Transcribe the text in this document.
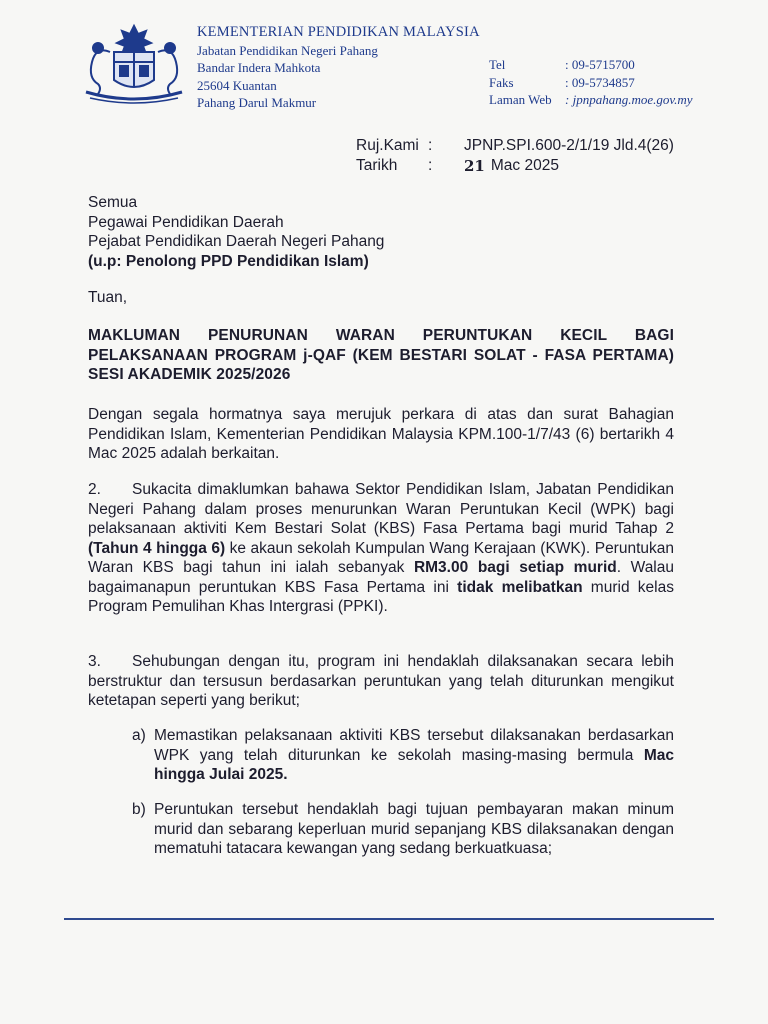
KEMENTERIAN PENDIDIKAN MALAYSIA
Jabatan Pendidikan Negeri Pahang
Bandar Indera Mahkota
25604 Kuantan
Pahang Darul Makmur
Tel	: 09-5715700
Faks	: 09-5734857
Laman Web	: jpnpahang.moe.gov.my
Ruj.Kami :	JPNP.SPI.600-2/1/19 Jld.4(26)
Tarikh	:	21 Mac 2025
Semua
Pegawai Pendidikan Daerah
Pejabat Pendidikan Daerah Negeri Pahang
(u.p: Penolong PPD Pendidikan Islam)
Tuan,
MAKLUMAN PENURUNAN WARAN PERUNTUKAN KECIL BAGI PELAKSANAAN PROGRAM j-QAF (KEM BESTARI SOLAT - FASA PERTAMA) SESI AKADEMIK 2025/2026
Dengan segala hormatnya saya merujuk perkara di atas dan surat Bahagian Pendidikan Islam, Kementerian Pendidikan Malaysia KPM.100-1/7/43 (6) bertarikh 4 Mac 2025 adalah berkaitan.
2. Sukacita dimaklumkan bahawa Sektor Pendidikan Islam, Jabatan Pendidikan Negeri Pahang dalam proses menurunkan Waran Peruntukan Kecil (WPK) bagi pelaksanaan aktiviti Kem Bestari Solat (KBS) Fasa Pertama bagi murid Tahap 2 (Tahun 4 hingga 6) ke akaun sekolah Kumpulan Wang Kerajaan (KWK). Peruntukan Waran KBS bagi tahun ini ialah sebanyak RM3.00 bagi setiap murid. Walau bagaimanapun peruntukan KBS Fasa Pertama ini tidak melibatkan murid kelas Program Pemulihan Khas Intergrasi (PPKI).
3. Sehubungan dengan itu, program ini hendaklah dilaksanakan secara lebih berstruktur dan tersusun berdasarkan peruntukan yang telah diturunkan mengikut ketetapan seperti yang berikut;
a) Memastikan pelaksanaan aktiviti KBS tersebut dilaksanakan berdasarkan WPK yang telah diturunkan ke sekolah masing-masing bermula Mac hingga Julai 2025.
b) Peruntukan tersebut hendaklah bagi tujuan pembayaran makan minum murid dan sebarang keperluan murid sepanjang KBS dilaksanakan dengan mematuhi tatacara kewangan yang sedang berkuatkuasa;
